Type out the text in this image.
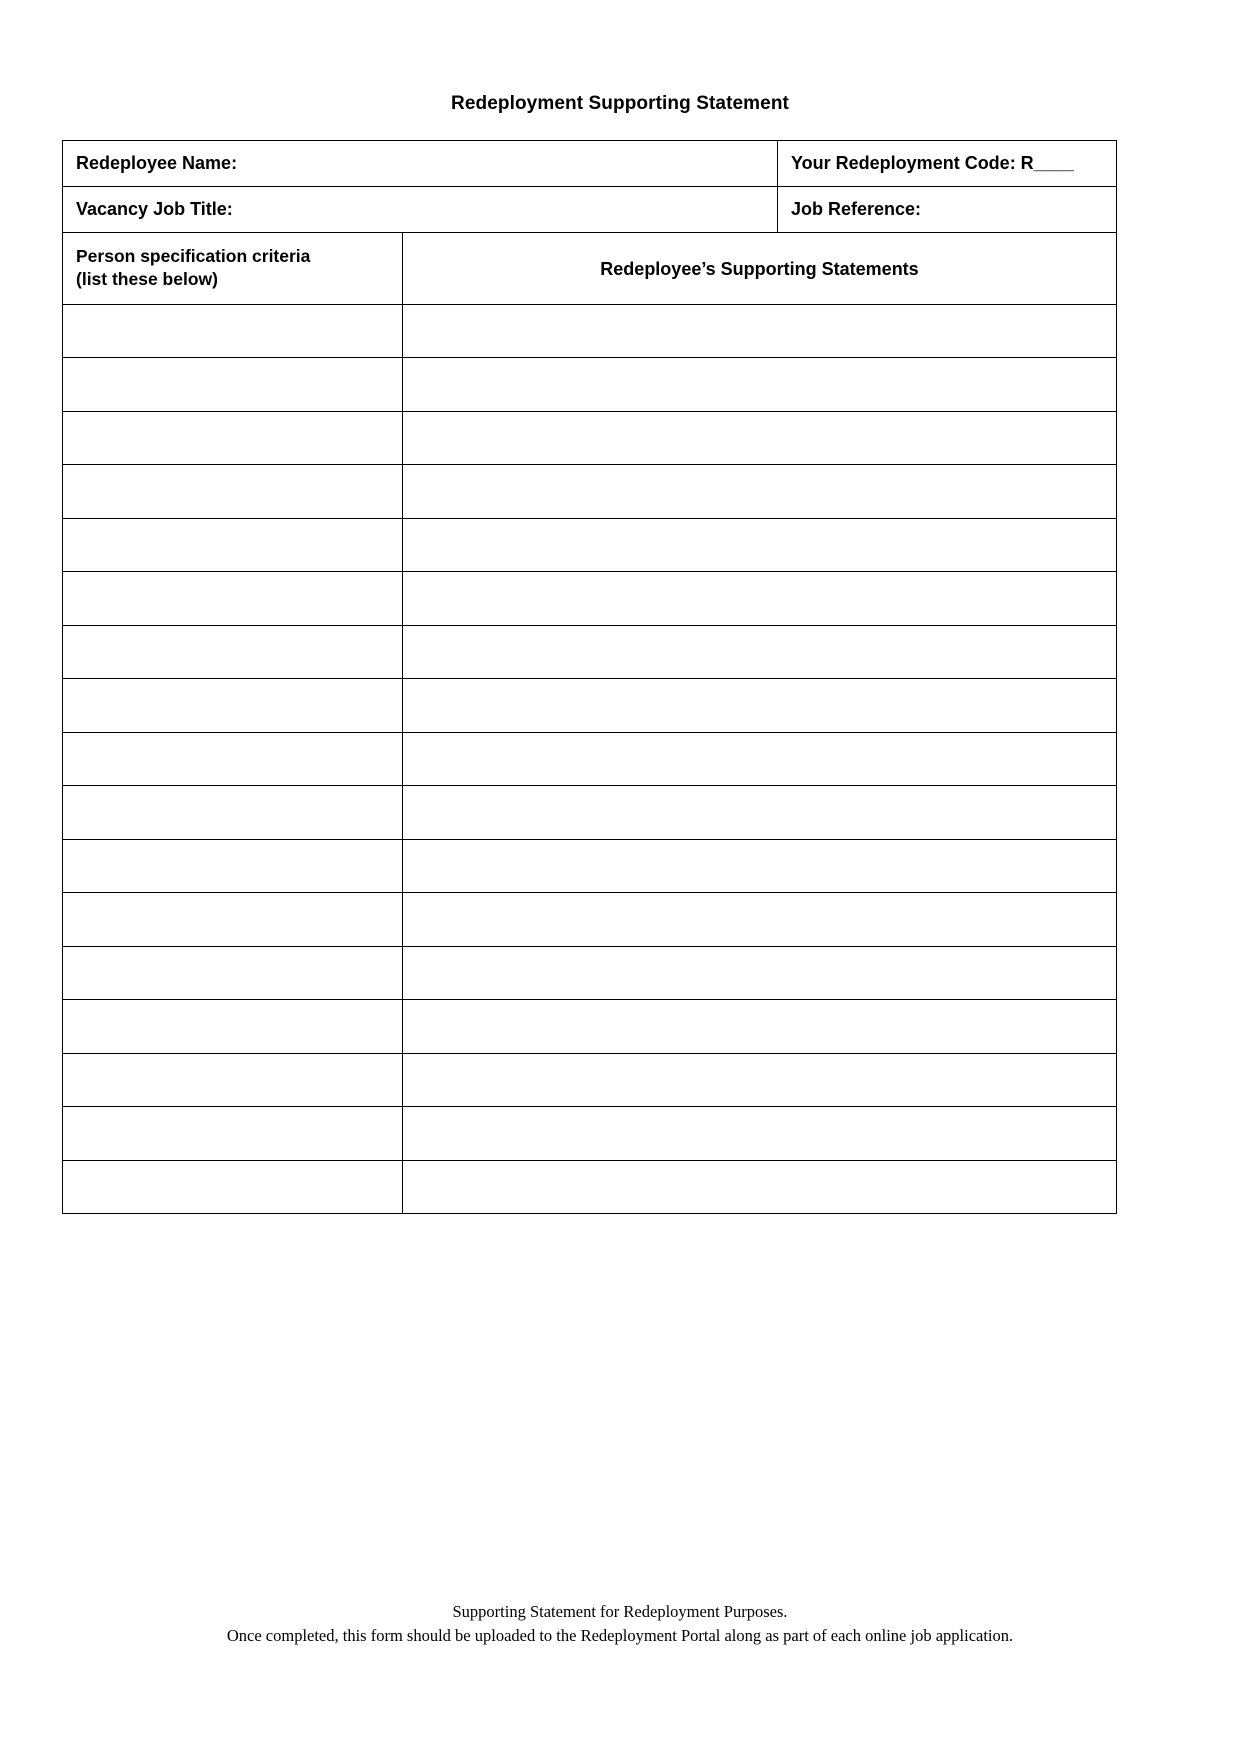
Redeployment Supporting Statement
Redeployee Name:		Your Redeployment Code: R____

Vacancy Job Title:		Job Reference:

Person specification criteria
(list these below)	Redeployee’s Supporting Statements	

Supporting Statement for Redeployment Purposes.
Once completed, this form should be uploaded to the Redeployment Portal along as part of each online job application.
